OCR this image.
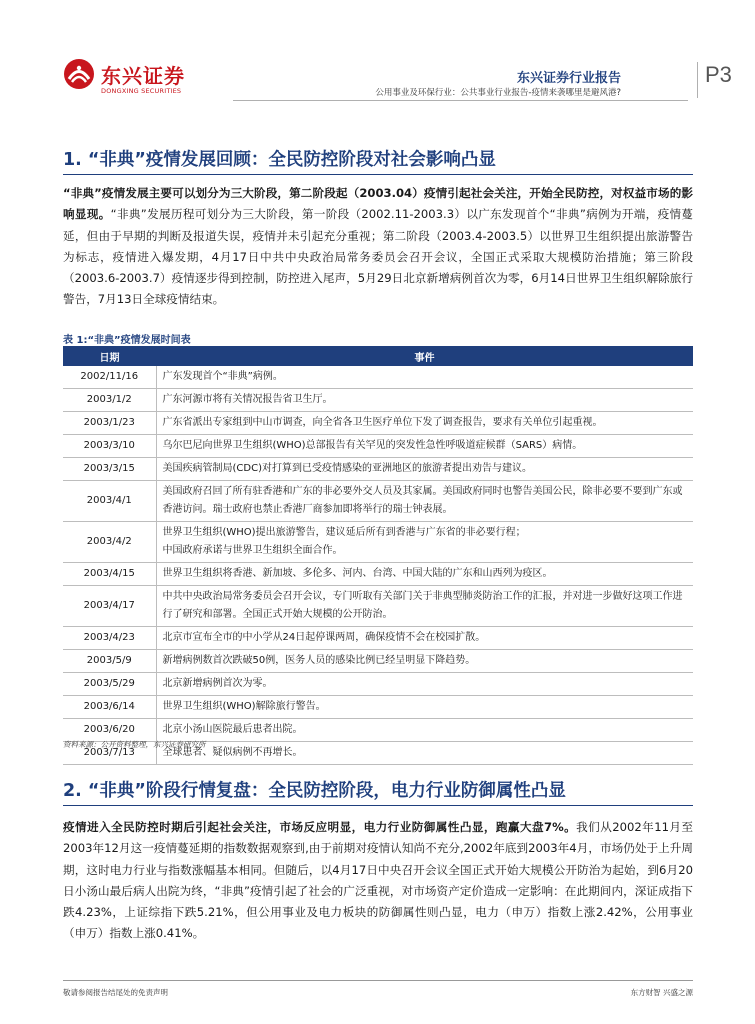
东兴证券
DONGXING SECURITIES
东兴证券行业报告
公用事业及环保行业：公共事业行业报告-疫情来袭哪里是避风港?
P3
1. “非典”疫情发展回顾：全民防控阶段对社会影响凸显
“非典”疫情发展主要可以划分为三大阶段，第二阶段起（2003.04）疫情引起社会关注，开始全民防控，对权益市场的影响显现。“非典”发展历程可划分为三大阶段，第一阶段（2002.11-2003.3）以广东发现首个“非典”病例为开端，疫情蔓延，但由于早期的判断及报道失误，疫情并未引起充分重视；第二阶段（2003.4-2003.5）以世界卫生组织提出旅游警告为标志，疫情进入爆发期，4月17日中共中央政治局常务委员会召开会议，全国正式采取大规模防治措施；第三阶段（2003.6-2003.7）疫情逐步得到控制，防控进入尾声，5月29日北京新增病例首次为零，6月14日世界卫生组织解除旅行警告，7月13日全球疫情结束。
表 1:“非典”疫情发展时间表
日期	事件
2002/11/16	广东发现首个“非典”病例。
2003/1/2	广东河源市将有关情况报告省卫生厅。
2003/1/23	广东省派出专家组到中山市调查，向全省各卫生医疗单位下发了调查报告，要求有关单位引起重视。
2003/3/10	乌尔巴尼向世界卫生组织(WHO)总部报告有关罕见的突发性急性呼吸道症候群（SARS）病情。
2003/3/15	美国疾病管制局(CDC)对打算到已受疫情感染的亚洲地区的旅游者提出劝告与建议。
2003/4/1	美国政府召回了所有驻香港和广东的非必要外交人员及其家属。美国政府同时也警告美国公民，除非必要不要到广东或香港访问。瑞士政府也禁止香港厂商参加即将举行的瑞士钟表展。
2003/4/2	世界卫生组织(WHO)提出旅游警告，建议延后所有到香港与广东省的非必要行程；
中国政府承诺与世界卫生组织全面合作。
2003/4/15	世界卫生组织将香港、新加坡、多伦多、河内、台湾、中国大陆的广东和山西列为疫区。
2003/4/17	中共中央政治局常务委员会召开会议，专门听取有关部门关于非典型肺炎防治工作的汇报，并对进一步做好这项工作进行了研究和部署。全国正式开始大规模的公开防治。
2003/4/23	北京市宣布全市的中小学从24日起停课两周，确保疫情不会在校园扩散。
2003/5/9	新增病例数首次跌破50例，医务人员的感染比例已经呈明显下降趋势。
2003/5/29	北京新增病例首次为零。
2003/6/14	世界卫生组织(WHO)解除旅行警告。
2003/6/20	北京小汤山医院最后患者出院。
2003/7/13	全球患者、疑似病例不再增长。
资料来源：公开资料整理，东兴证券研究所
2. “非典”阶段行情复盘：全民防控阶段，电力行业防御属性凸显
疫情进入全民防控时期后引起社会关注，市场反应明显，电力行业防御属性凸显，跑赢大盘7%。我们从2002年11月至2003年12月这一疫情蔓延期的指数数据观察到,由于前期对疫情认知尚不充分,2002年底到2003年4月，市场仍处于上升周期，这时电力行业与指数涨幅基本相同。但随后，以4月17日中央召开会议全国正式开始大规模公开防治为起始，到6月20日小汤山最后病人出院为终，“非典”疫情引起了社会的广泛重视，对市场资产定价造成一定影响：在此期间内，深证成指下跌4.23%，上证综指下跌5.21%，但公用事业及电力板块的防御属性则凸显，电力（申万）指数上涨2.42%，公用事业（申万）指数上涨0.41%。
敬请参阅报告结尾处的免责声明	东方财智 兴盛之源
